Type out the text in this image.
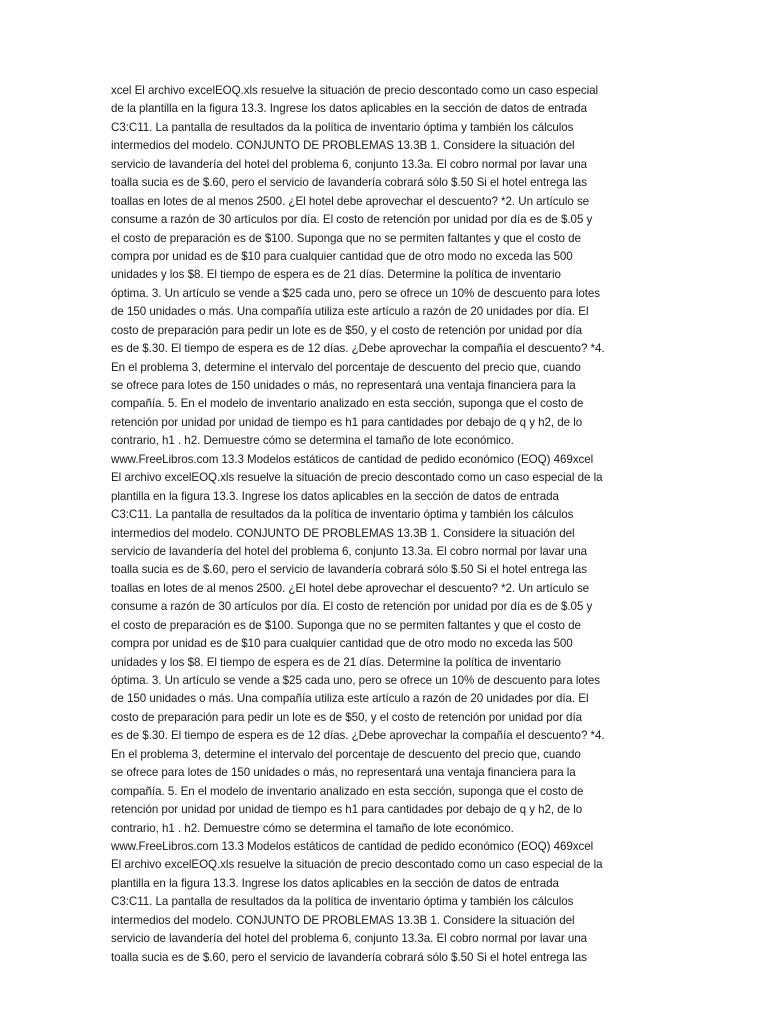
xcel El archivo excelEOQ.xls resuelve la situación de precio descontado como un caso especial
de la plantilla en la figura 13.3. Ingrese los datos aplicables en la sección de datos de entrada
C3:C11. La pantalla de resultados da la política de inventario óptima y también los cálculos
intermedios del modelo. CONJUNTO DE PROBLEMAS 13.3B 1. Considere la situación del
servicio de lavandería del hotel del problema 6, conjunto 13.3a. El cobro normal por lavar una
toalla sucia es de $.60, pero el servicio de lavandería cobrará sólo $.50 Si el hotel entrega las
toallas en lotes de al menos 2500. ¿El hotel debe aprovechar el descuento? *2. Un artículo se
consume a razón de 30 artículos por día. El costo de retención por unidad por día es de $.05 y
el costo de preparación es de $100. Suponga que no se permiten faltantes y que el costo de
compra por unidad es de $10 para cualquier cantidad que de otro modo no exceda las 500
unidades y los $8. El tiempo de espera es de 21 días. Determine la política de inventario
óptima. 3. Un artículo se vende a $25 cada uno, pero se ofrece un 10% de descuento para lotes
de 150 unidades o más. Una compañía utiliza este artículo a razón de 20 unidades por día. El
costo de preparación para pedir un lote es de $50, y el costo de retención por unidad por día
es de $.30. El tiempo de espera es de 12 días. ¿Debe aprovechar la compañía el descuento? *4.
En el problema 3, determine el intervalo del porcentaje de descuento del precio que, cuando
se ofrece para lotes de 150 unidades o más, no representará una ventaja financiera para la
compañía. 5. En el modelo de inventario analizado en esta sección, suponga que el costo de
retención por unidad por unidad de tiempo es h1 para cantidades por debajo de q y h2, de lo
contrario, h1 . h2. Demuestre cómo se determina el tamaño de lote económico.
www.FreeLibros.com 13.3 Modelos estáticos de cantidad de pedido económico (EOQ) 469xcel
El archivo excelEOQ.xls resuelve la situación de precio descontado como un caso especial de la
plantilla en la figura 13.3. Ingrese los datos aplicables en la sección de datos de entrada
C3:C11. La pantalla de resultados da la política de inventario óptima y también los cálculos
intermedios del modelo. CONJUNTO DE PROBLEMAS 13.3B 1. Considere la situación del
servicio de lavandería del hotel del problema 6, conjunto 13.3a. El cobro normal por lavar una
toalla sucia es de $.60, pero el servicio de lavandería cobrará sólo $.50 Si el hotel entrega las
toallas en lotes de al menos 2500. ¿El hotel debe aprovechar el descuento? *2. Un artículo se
consume a razón de 30 artículos por día. El costo de retención por unidad por día es de $.05 y
el costo de preparación es de $100. Suponga que no se permiten faltantes y que el costo de
compra por unidad es de $10 para cualquier cantidad que de otro modo no exceda las 500
unidades y los $8. El tiempo de espera es de 21 días. Determine la política de inventario
óptima. 3. Un artículo se vende a $25 cada uno, pero se ofrece un 10% de descuento para lotes
de 150 unidades o más. Una compañía utiliza este artículo a razón de 20 unidades por día. El
costo de preparación para pedir un lote es de $50, y el costo de retención por unidad por día
es de $.30. El tiempo de espera es de 12 días. ¿Debe aprovechar la compañía el descuento? *4.
En el problema 3, determine el intervalo del porcentaje de descuento del precio que, cuando
se ofrece para lotes de 150 unidades o más, no representará una ventaja financiera para la
compañía. 5. En el modelo de inventario analizado en esta sección, suponga que el costo de
retención por unidad por unidad de tiempo es h1 para cantidades por debajo de q y h2, de lo
contrario, h1 . h2. Demuestre cómo se determina el tamaño de lote económico.
www.FreeLibros.com 13.3 Modelos estáticos de cantidad de pedido económico (EOQ) 469xcel
El archivo excelEOQ.xls resuelve la situación de precio descontado como un caso especial de la
plantilla en la figura 13.3. Ingrese los datos aplicables en la sección de datos de entrada
C3:C11. La pantalla de resultados da la política de inventario óptima y también los cálculos
intermedios del modelo. CONJUNTO DE PROBLEMAS 13.3B 1. Considere la situación del
servicio de lavandería del hotel del problema 6, conjunto 13.3a. El cobro normal por lavar una
toalla sucia es de $.60, pero el servicio de lavandería cobrará sólo $.50 Si el hotel entrega las
